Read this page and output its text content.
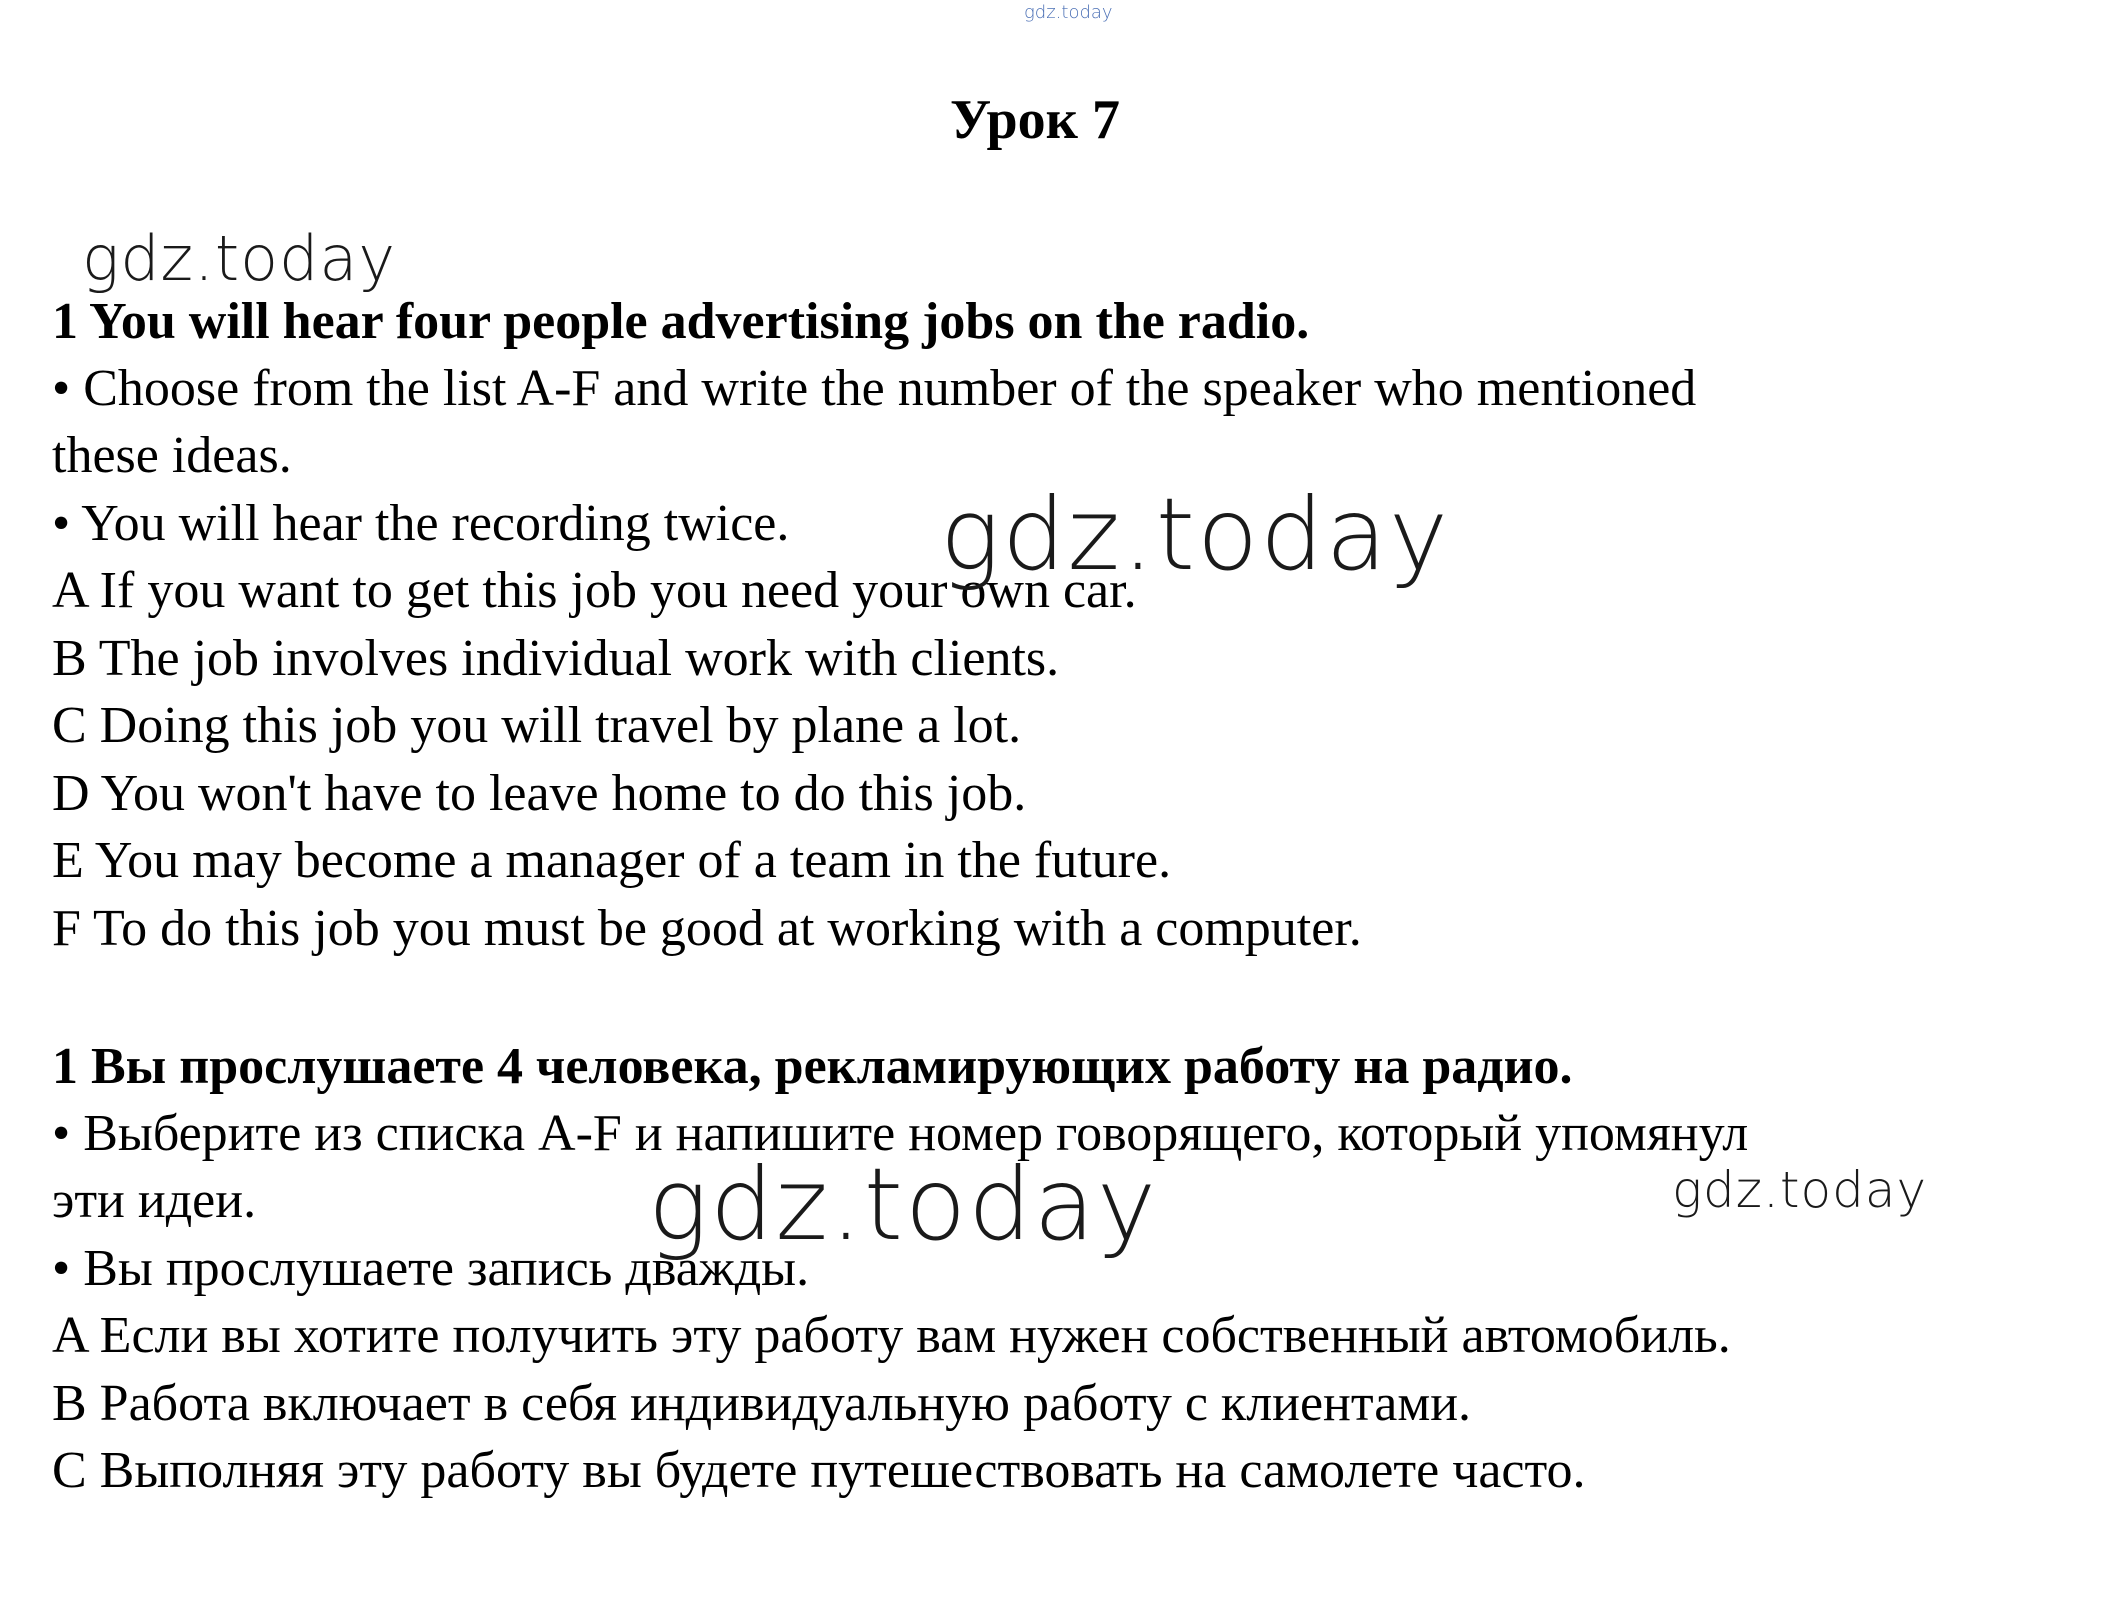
gdz.today
Урок 7
gdz.today

1 You will hear four people advertising jobs on the radio.

• Choose from the list A-F and write the number of the speaker who mentioned

these ideas.

• You will hear the recording twice.

A If you want to get this job you need your own car.

B The job involves individual work with clients.

C Doing this job you will travel by plane a lot.

D You won't have to leave home to do this job.

E You may become a manager of a team in the future.

F To do this job you must be good at working with a computer.

gdz.today

1 Вы прослушаете 4 человека, рекламирующих работу на радио.

• Выберите из списка A-F и напишите номер говорящего, который упомянул

эти идеи.

• Вы прослушаете запись дважды.

A Если вы хотите получить эту работу вам нужен собственный автомобиль.

B Работа включает в себя индивидуальную работу с клиентами.

C Выполняя эту работу вы будете путешествовать на самолете часто.

gdz.today	gdz.today
